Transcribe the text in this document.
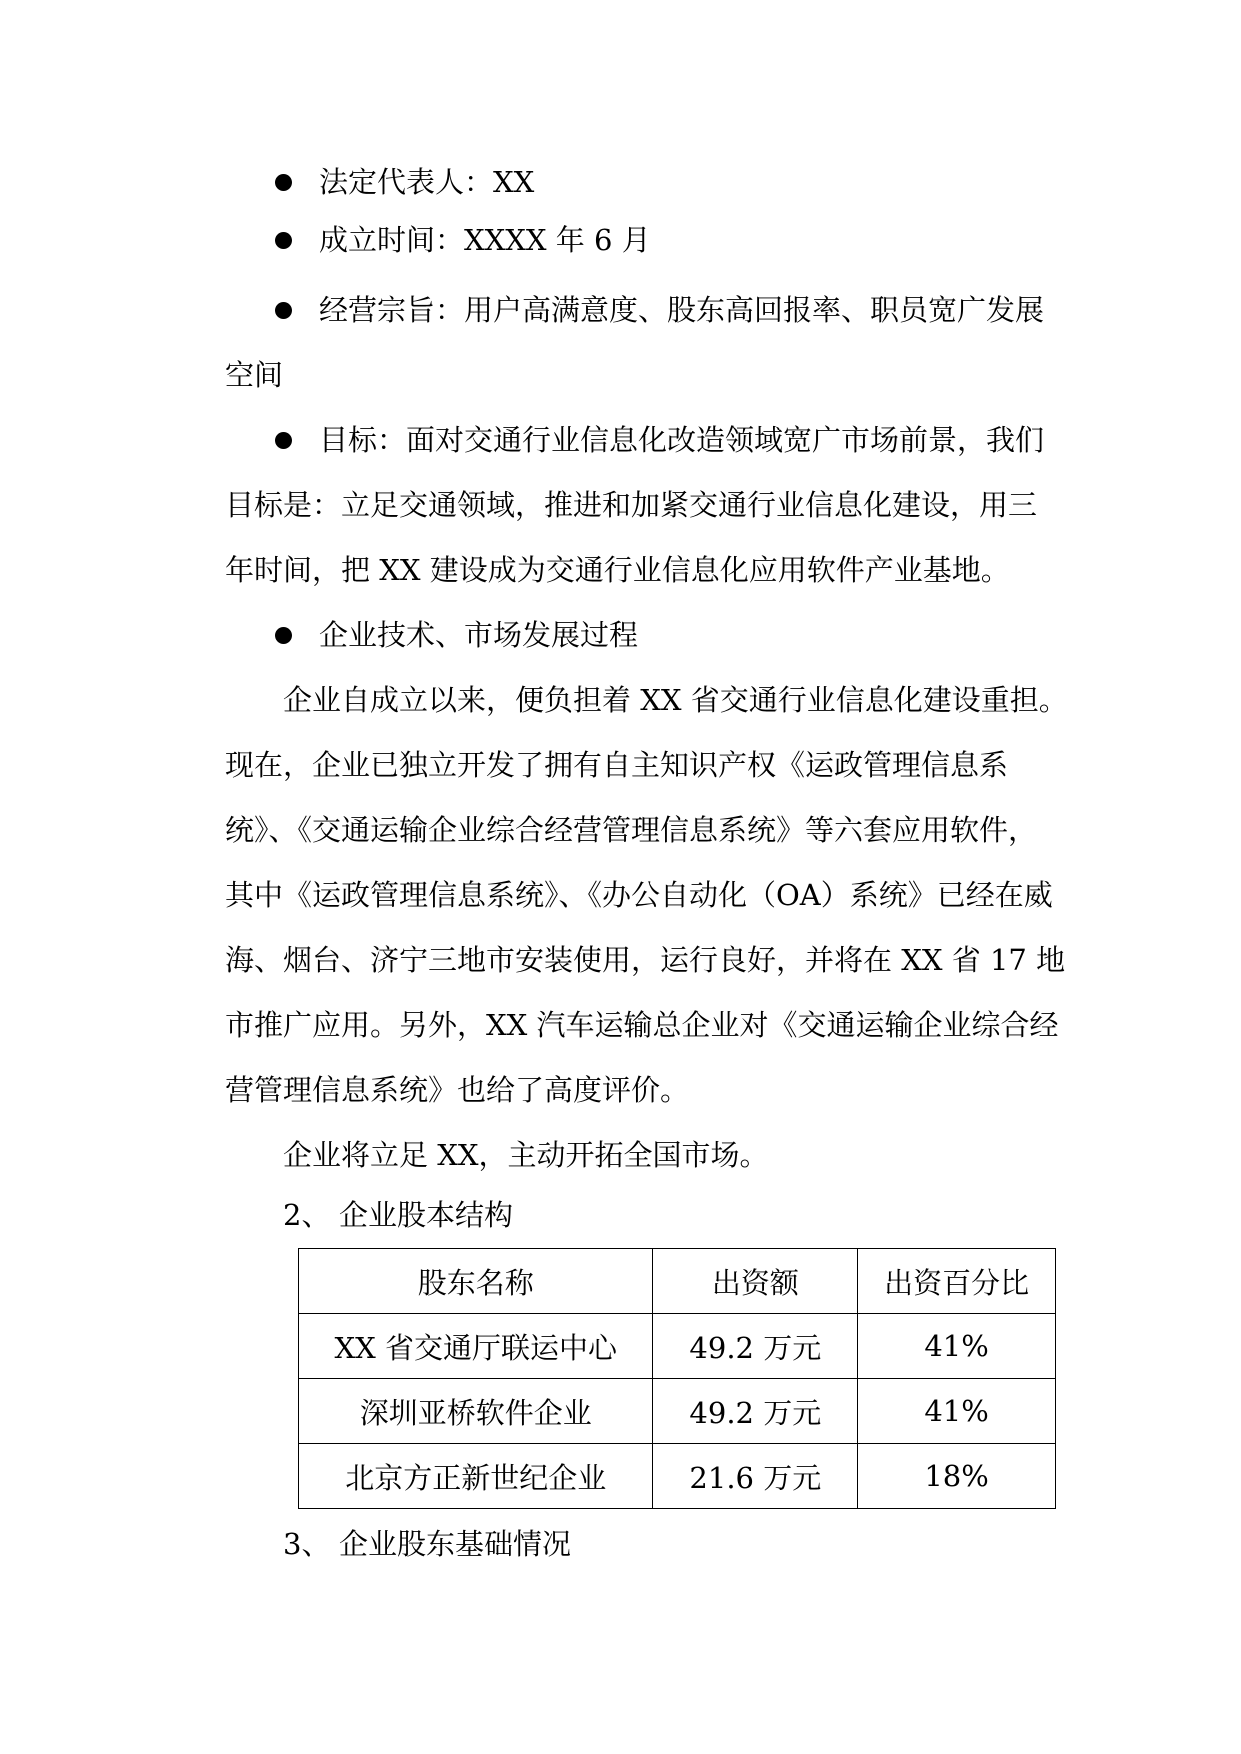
法定代表人：XX
成立时间：XXXX 年 6 月
经营宗旨：用户高满意度、股东高回报率、职员宽广发展
空间
目标：面对交通行业信息化改造领域宽广市场前景，我们
目标是：立足交通领域，推进和加紧交通行业信息化建设，用三
年时间，把 XX 建设成为交通行业信息化应用软件产业基地。
企业技术、市场发展过程
企业自成立以来，便负担着 XX 省交通行业信息化建设重担。
现在，企业已独立开发了拥有自主知识产权《运政管理信息系
统》、《交通运输企业综合经营管理信息系统》等六套应用软件，
其中《运政管理信息系统》、《办公自动化（OA）系统》已经在威
海、烟台、济宁三地市安装使用，运行良好，并将在 XX 省 17 地
市推广应用。另外，XX 汽车运输总企业对《交通运输企业综合经
营管理信息系统》也给了高度评价。
企业将立足 XX，主动开拓全国市场。
2、 企业股本结构
股东名称	出资额	出资百分比
XX 省交通厅联运中心	49.2 万元	41%
深圳亚桥软件企业	49.2 万元	41%
北京方正新世纪企业	21.6 万元	18%
3、 企业股东基础情况
